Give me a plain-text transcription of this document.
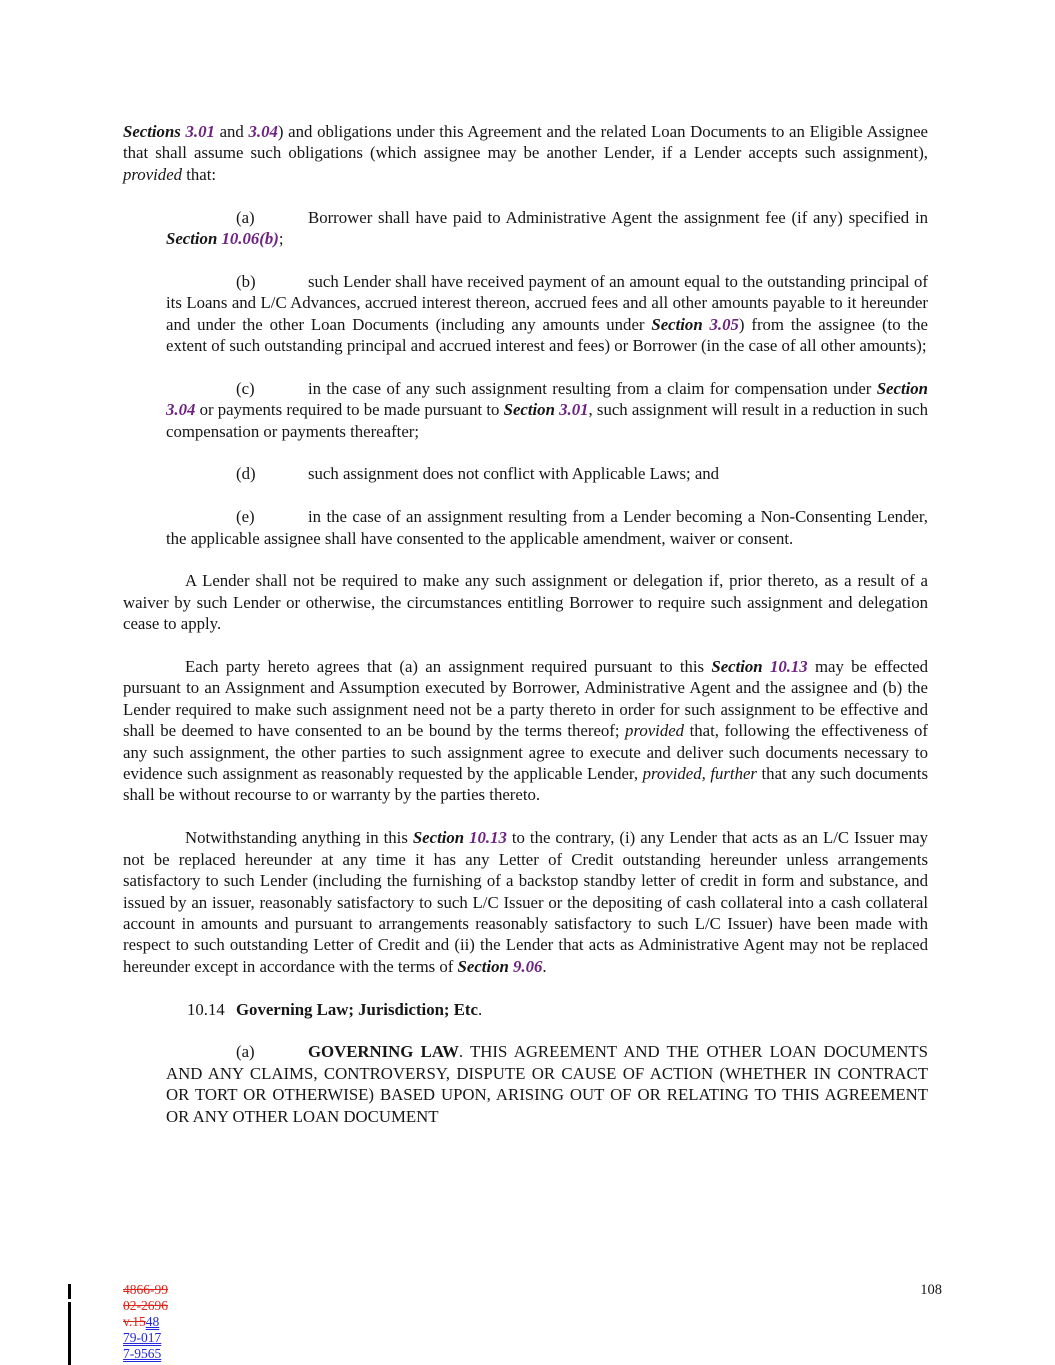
Sections 3.01 and 3.04) and obligations under this Agreement and the related Loan Documents to an Eligible Assignee that shall assume such obligations (which assignee may be another Lender, if a Lender accepts such assignment), provided that:

(a)	Borrower shall have paid to Administrative Agent the assignment fee (if any) specified in Section 10.06(b);

(b)	such Lender shall have received payment of an amount equal to the outstanding principal of its Loans and L/C Advances, accrued interest thereon, accrued fees and all other amounts payable to it hereunder and under the other Loan Documents (including any amounts under Section 3.05) from the assignee (to the extent of such outstanding principal and accrued interest and fees) or Borrower (in the case of all other amounts);

(c)	in the case of any such assignment resulting from a claim for compensation under Section 3.04 or payments required to be made pursuant to Section 3.01, such assignment will result in a reduction in such compensation or payments thereafter;

(d)	such assignment does not conflict with Applicable Laws; and

(e)	in the case of an assignment resulting from a Lender becoming a Non-Consenting Lender, the applicable assignee shall have consented to the applicable amendment, waiver or consent.

A Lender shall not be required to make any such assignment or delegation if, prior thereto, as a result of a waiver by such Lender or otherwise, the circumstances entitling Borrower to require such assignment and delegation cease to apply.

Each party hereto agrees that (a) an assignment required pursuant to this Section 10.13 may be effected pursuant to an Assignment and Assumption executed by Borrower, Administrative Agent and the assignee and (b) the Lender required to make such assignment need not be a party thereto in order for such assignment to be effective and shall be deemed to have consented to an be bound by the terms thereof; provided that, following the effectiveness of any such assignment, the other parties to such assignment agree to execute and deliver such documents necessary to evidence such assignment as reasonably requested by the applicable Lender, provided, further that any such documents shall be without recourse to or warranty by the parties thereto.

Notwithstanding anything in this Section 10.13 to the contrary, (i) any Lender that acts as an L/C Issuer may not be replaced hereunder at any time it has any Letter of Credit outstanding hereunder unless arrangements satisfactory to such Lender (including the furnishing of a backstop standby letter of credit in form and substance, and issued by an issuer, reasonably satisfactory to such L/C Issuer or the depositing of cash collateral into a cash collateral account in amounts and pursuant to arrangements reasonably satisfactory to such L/C Issuer) have been made with respect to such outstanding Letter of Credit and (ii) the Lender that acts as Administrative Agent may not be replaced hereunder except in accordance with the terms of Section 9.06.

10.14 Governing Law; Jurisdiction; Etc.

(a)	GOVERNING LAW. THIS AGREEMENT AND THE OTHER LOAN DOCUMENTS AND ANY CLAIMS, CONTROVERSY, DISPUTE OR CAUSE OF ACTION (WHETHER IN CONTRACT OR TORT OR OTHERWISE) BASED UPON, ARISING OUT OF OR RELATING TO THIS AGREEMENT OR ANY OTHER LOAN DOCUMENT

4866-99
02-2696
v.1548
79-017
7-9565
108
